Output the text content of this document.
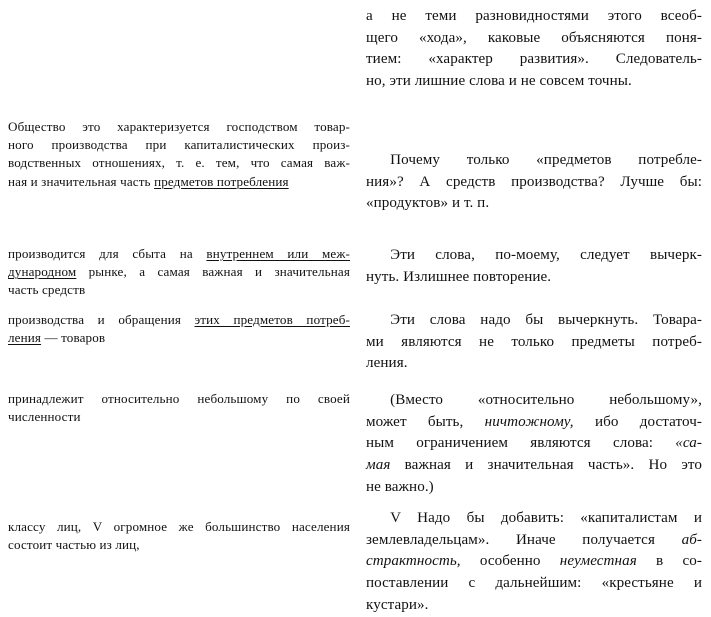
Общество это характеризуется господством товар-
ного производства при капиталистических произ-
водственных отношениях, т. е. тем, что самая важ-
ная и значительная часть предметов потребления
производится для сбыта на внутреннем или меж-
дународном рынке, а самая важная и значительная
часть средств
производства и обращения этих предметов потреб-
ления — товаров
принадлежит относительно небольшому по своей
численности
классу лиц, V огромное же большинство населения
состоит частью из лиц,
а не теми разновидностями этого всеоб-
щего «хода», каковые объясняются поня-
тием: «характер развития». Следователь-
но, эти лишние слова и не совсем точны.
Почему только «предметов потребле-
ния»? А средств производства? Лучше бы:
«продуктов» и т. п.
Эти слова, по-моему, следует вычерк-
нуть. Излишнее повторение.
Эти слова надо бы вычеркнуть. Товара-
ми являются не только предметы потреб-
ления.
(Вместо «относительно небольшому»,
может быть, ничтожному, ибо достаточ-
ным ограничением являются слова: «са-
мая важная и значительная часть». Но это
не важно.)
V Надо бы добавить: «капиталистам и
землевладельцам». Иначе получается аб-
страктность, особенно неуместная в со-
поставлении с дальнейшим: «крестьяне и
кустари».
